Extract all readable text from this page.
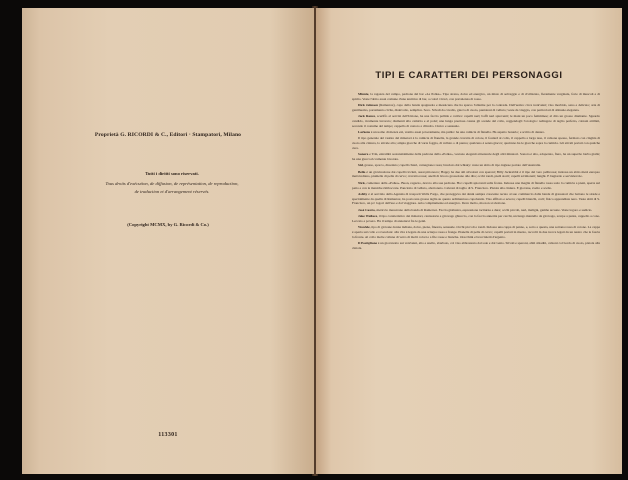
Proprietà G. RICORDI & C., Editori · Stampatori, Milano
Tutti i diritti sono riservati.
Tous droits d'exécution, de diffusion, de représentation, de reproduction,
de traduction et d'arrangement réservés.
(Copyright MCMX, by G. Ricordi & Co.)
113301
TIPI E CARATTERI DEI PERSONAGGI
Minnie, la ragazza del campo, padrona del bar «La Polka». Tipo strano, dolce ed energico, un misto di selvaggio e di civilizzato, fieramente verginale, forte di muscoli e di spirito. Veste l'abito assai comune d'una tenitrice di bar, a colori vivaci, con prevalenza di rosso.
Dick Johnson (Ramerrez), capo della banda spagnuola e messicana che ha sparso l'allarme per la contrada. Dell'uomo: circa trent'anni; viso morbido, sano e delicato; aria di gentiluomo, portamento civile, disinvolto, semplice. Soro. Stivali da cavallo, giacca di cuoio, pantaloni di velluto; veste da viaggio, con particolari di abituale eleganza.
Jack Rance, sceriffo al servizi dell'Unione, ha una faccia pallida e cattiva: capelli neri; baffi neri spioventi; le mani un poco femminee; al dito un grosso diamante. Sguardo candido, ricamente lavorato; diamanti alla camicia e al polsi; una lunga preziosa catena gli scende dal collo, reggendogli l'orologio: redingote di taglio perfetto, calzoni attillati, secondo il costume del tempo; cappello di castoro a cilindro. Cinico e sensuale.
Larkens è un uomo di mezza età, vestito assai poveramente, ma pulito: ha una camicia di flanella. Ha aspetto bonario; e scritto di denaro.
Il tipo generale del vestire del minatori è la camicia di flanella, la grande cravatta di colore, il foulard al collo, il cappello a larga tesa, il calzone spesso, fermato con cinghia di cuoio alla cintura, lo stivale alto; ampia giacche di varia foggia, di velluto o di panno; qualcuno è senza giacca; qualcuno ha le giacche sopra la camicia. Gli stivali portati con qualche cura.
Sonora e Trin, entrambi sostanzialmente della padrona della «Polka», vestono eleganti attrezzerie degli altri minatori. Sonora è alto, adoperato, fiero, ha un superbo barba gialla; ha una giacca riccamente lavorata.
Sid, grasso, sporco, dissoluto; capelli chiari, carnagione rossa; bruciato dal whisky: veste un abito di tipo inglese portato dall'Australia.
Bello è un giovinottone dai capelli ricciuti, assai pittoresco; Happy ha due alti stivaloni con speroni; Billy Jackrabbit è il tipo del vero pellirossa; indossa un abito metà europeo metà indiano, piumelle di pelle di cervo; cravatta rossa; anelli di lavoro grossolano alle dita; occhi tondi, piedi storti; capelli scrimonati; lunghi. E bugiardo e servizievole.
Nick, cameriere della «Polka». Buon, ragazzo, devoto alla sua padrona. Ha i capelli spioventi sulla fronte. Indossa una maglia di flanella rossa sotto la camicia a pieni, aperta sul petto e con le maniche rimboccate. Panciotto di velluto, abottonato. Calzoni di taglio di S. Francisco. Pistola alla cintura. E giovane, svelto e scelto.
Ashby è al servizio della Agenzia di trasporti Wells Fargo, che proteggeva dai danni sempre crescente recato al suo commercio dalle bande di grassatori che battono le strade e specialmente da quella di Ramerrez, ha posto una grossa taglia su questo ardimentoso capobanda. Viso affilato e severo; capelli bianchi, corti; fisico apprendista nero. Veste abiti di S. Francisco, un po' logori dall'uso e dal viaggiare. Aria compitamente ed energico. Deve molto, ma non si sbottona.
José Castro, meticcio messicano della banda di Ramerrez. Faccia giallastra, espressione taciturna e dura; occhi piccoli, neri, maligni, gambe arcuate. Veste logoro e sudicio.
Jake Wallace, il tipo caratteristico dei minatori, cantastorie e girovago ghiaccio, con la faccia annerita per cerchi, un lungo mantello da girovago, scarpe a punta, cappello a cono. Leccato e povero. Ha il tempo di annoiarsi fra le genti.
Wowkle, tipo di giovane donna indiana, dolce, piena, finezza, sensuale. Occhi piccoli e tondi. Indossa una cappa di panno, e, sotto a questa, una sottana rossa di cotone. La cappa è aperta sul collo e rovesciata: alla vita è legata da una sciarpa rossa a frange. Pianelle di pelle di cervo; capelli portati in mezzo, raccolti in due trecce legati da un nastro che le fascia la fronte. Al collo molte collane di vetro di molti colori e a file rosse e bianche. Orecchini e braccialetti d'argento.
Il Postiglione è un giovanotto sui vent'anni, alto e snello, sbarbato, col viso abbronzato dal sole e dal vento. Stivali e speroni, abiti sbiaditi, calzoni col bordo di cuoio, pistola alla cintola.
